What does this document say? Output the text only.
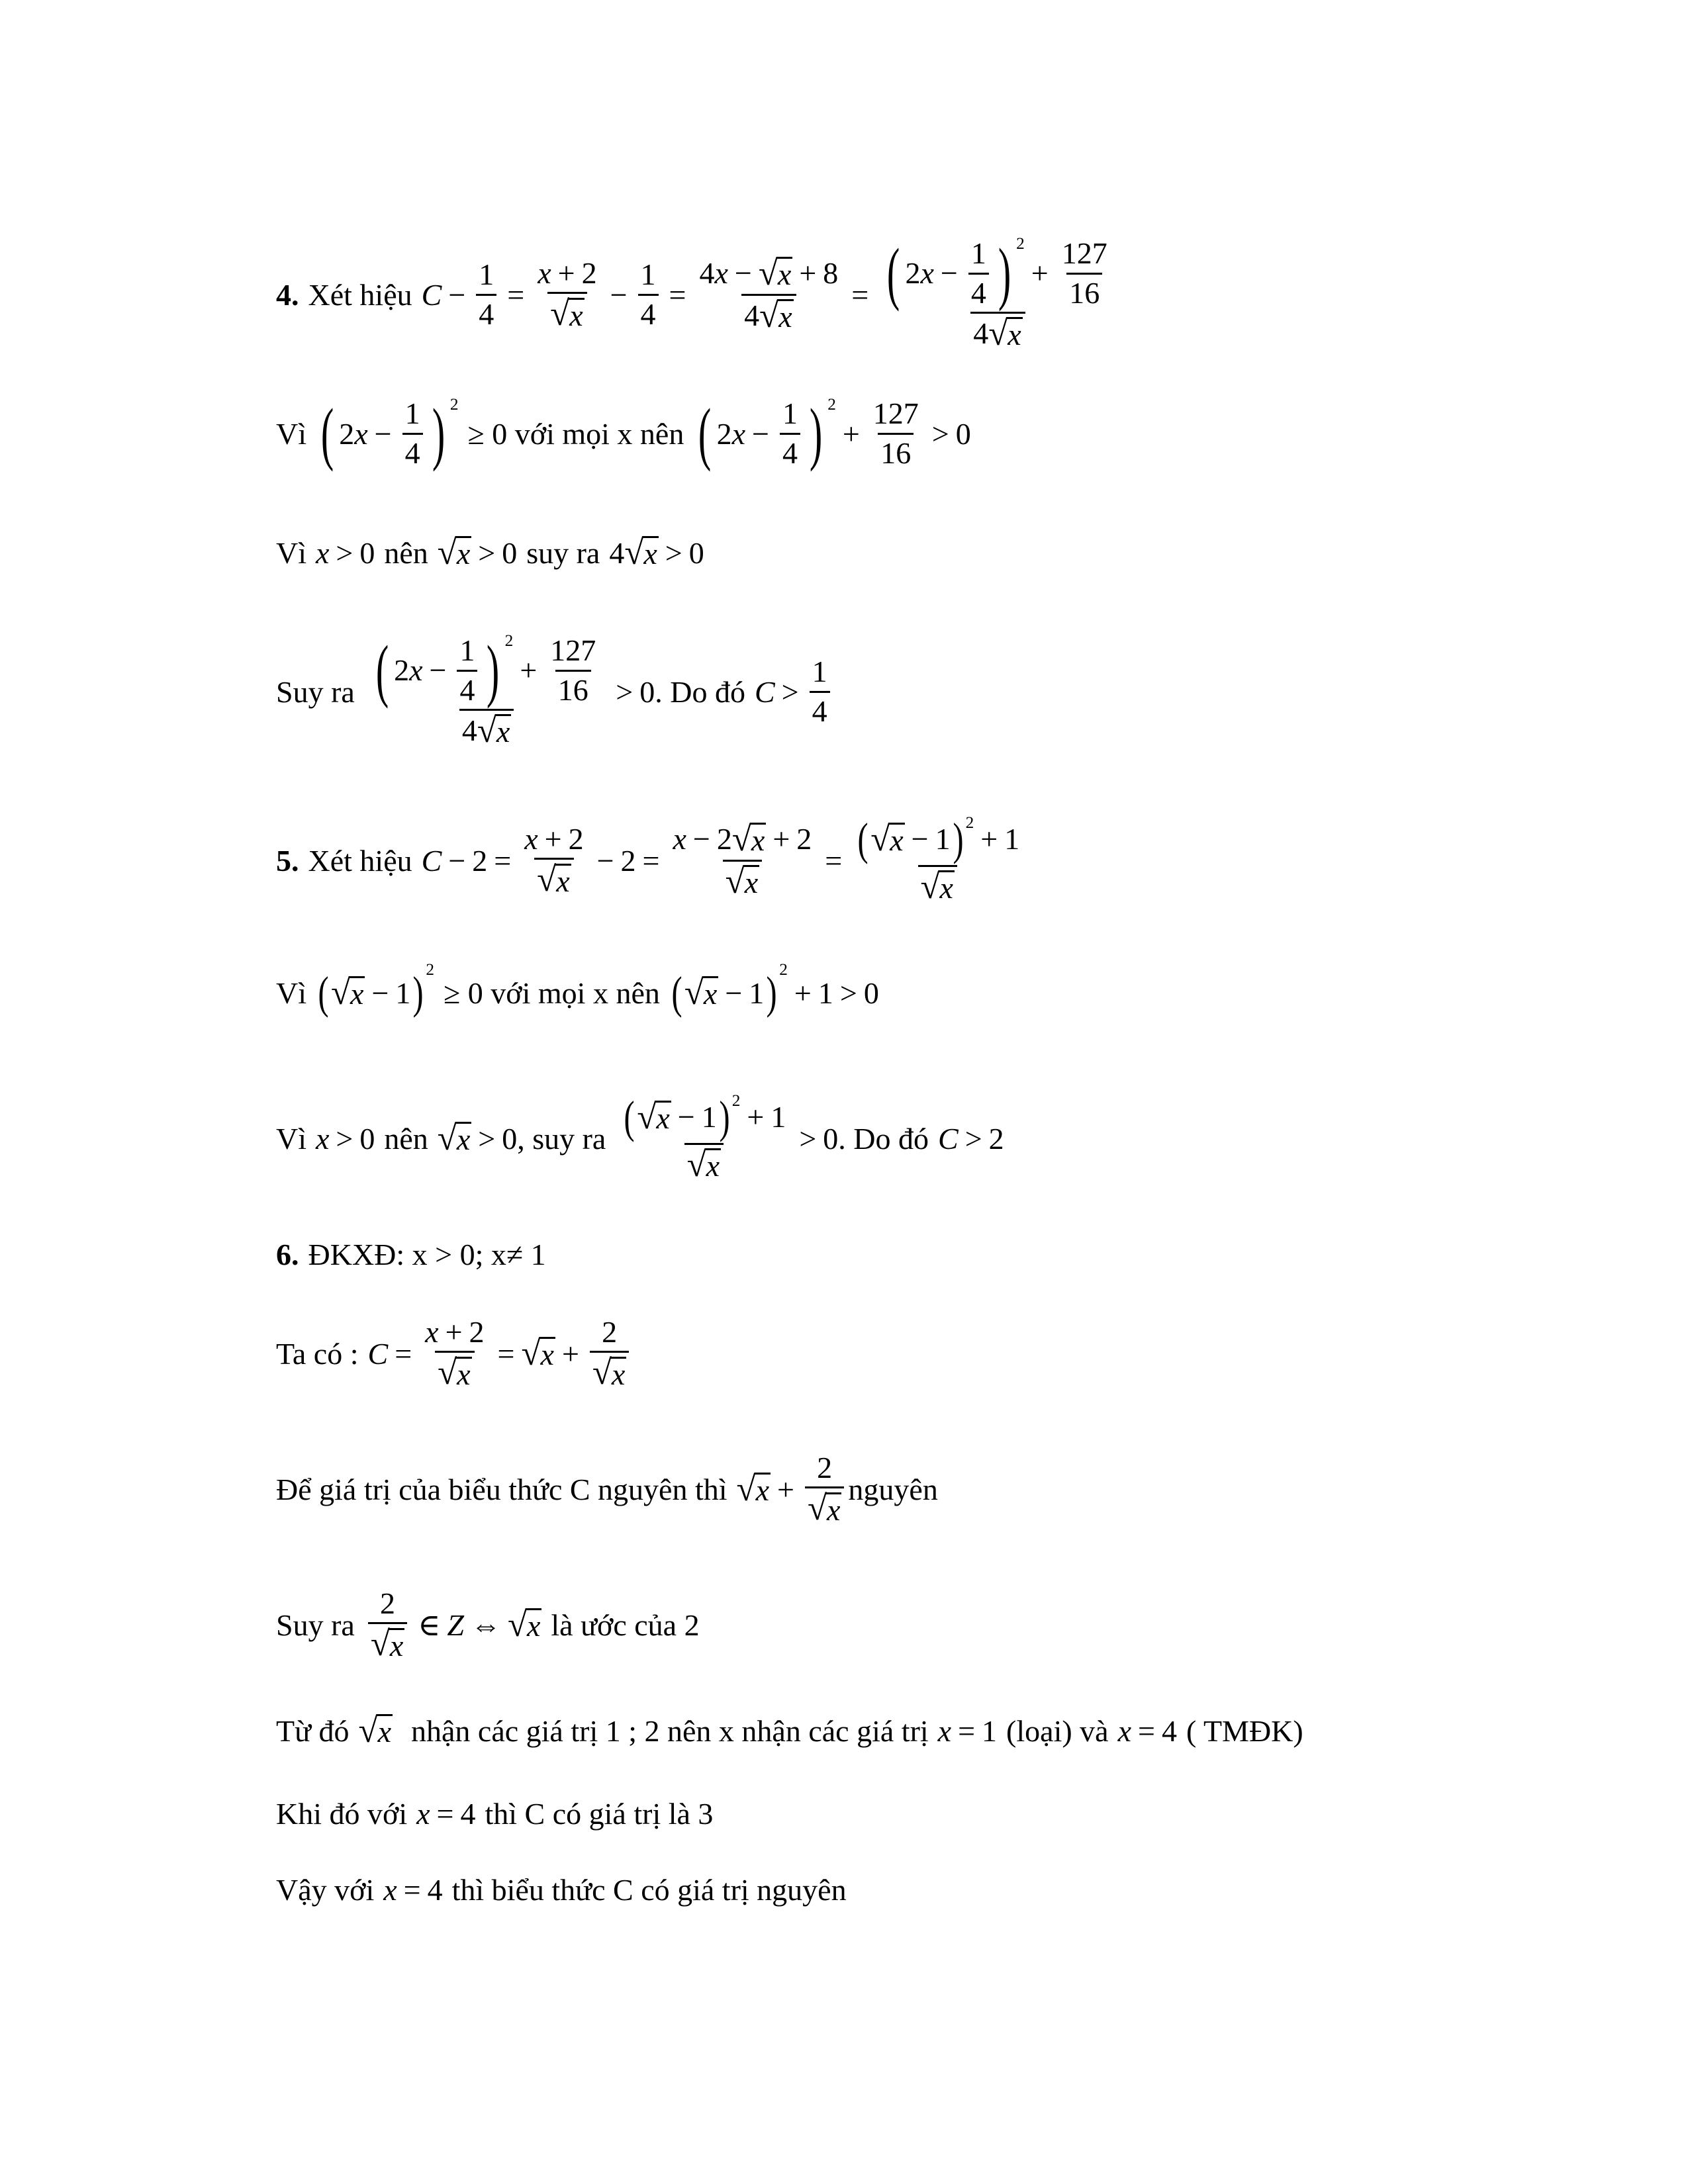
4. Xét hiệu $C - \frac{1}{4} = \frac{x + 2}{√ x} - \frac{1}{4} = \frac{4 x - √ x + 8}{4 √ x}$ = ( 2 $x - \frac{1}{4}$ ) 2
+ $\frac{127}{16}$
4 √ x
Vì ( 2 $x - \frac{1}{4}$ ) 2
≥ 0 với mọi x nên ( 2 $x - \frac{1}{4}$ ) 2
+ $\frac{127}{16} > 0$
Vì x > 0 nên √ x > 0 suy ra 4 √ x > 0
Suy ra ( 2 $x - \frac{1}{4}$ ) 2
+ $\frac{127}{16}$
4 √ x > 0 . Do đó $C > \frac{1}{4}$
5. Xét hiệu $C - 2 = \frac{x + 2}{√ x} - 2 = \frac{x - 2 √ x + 2}{√ x} = \frac{( √ x - 1 ) 2 + 1}{√ x}$
Vì ( √ x − 1 ) 2
≥ 0 với mọi x nên ( √ x − 1 ) 2
+ 1 > 0
Vì x > 0 nên √ x > 0 , suy ra $\frac{( √ x - 1 ) 2 + 1}{√ x} > 0$ . Do đó C > 2
6. ĐKXĐ: x > 0; x≠ 1
Ta có : $C = \frac{x + 2}{√ x}$ = √ $x + \frac{2}{√ x}$
Để giá trị của biểu thức C nguyên thì √ $x + \frac{2}{√ x}$ nguyên
Suy ra $\frac{2}{√ x}$ ∈ Z ⇔ √ x là ước của 2
Từ đó √ x nhận các giá trị 1 ; 2 nên x nhận các giá trị x = 1 (loại) và x = 4 ( TMĐK)
Khi đó với x = 4 thì C có giá trị là 3
Vậy với x = 4 thì biểu thức C có giá trị nguyên
